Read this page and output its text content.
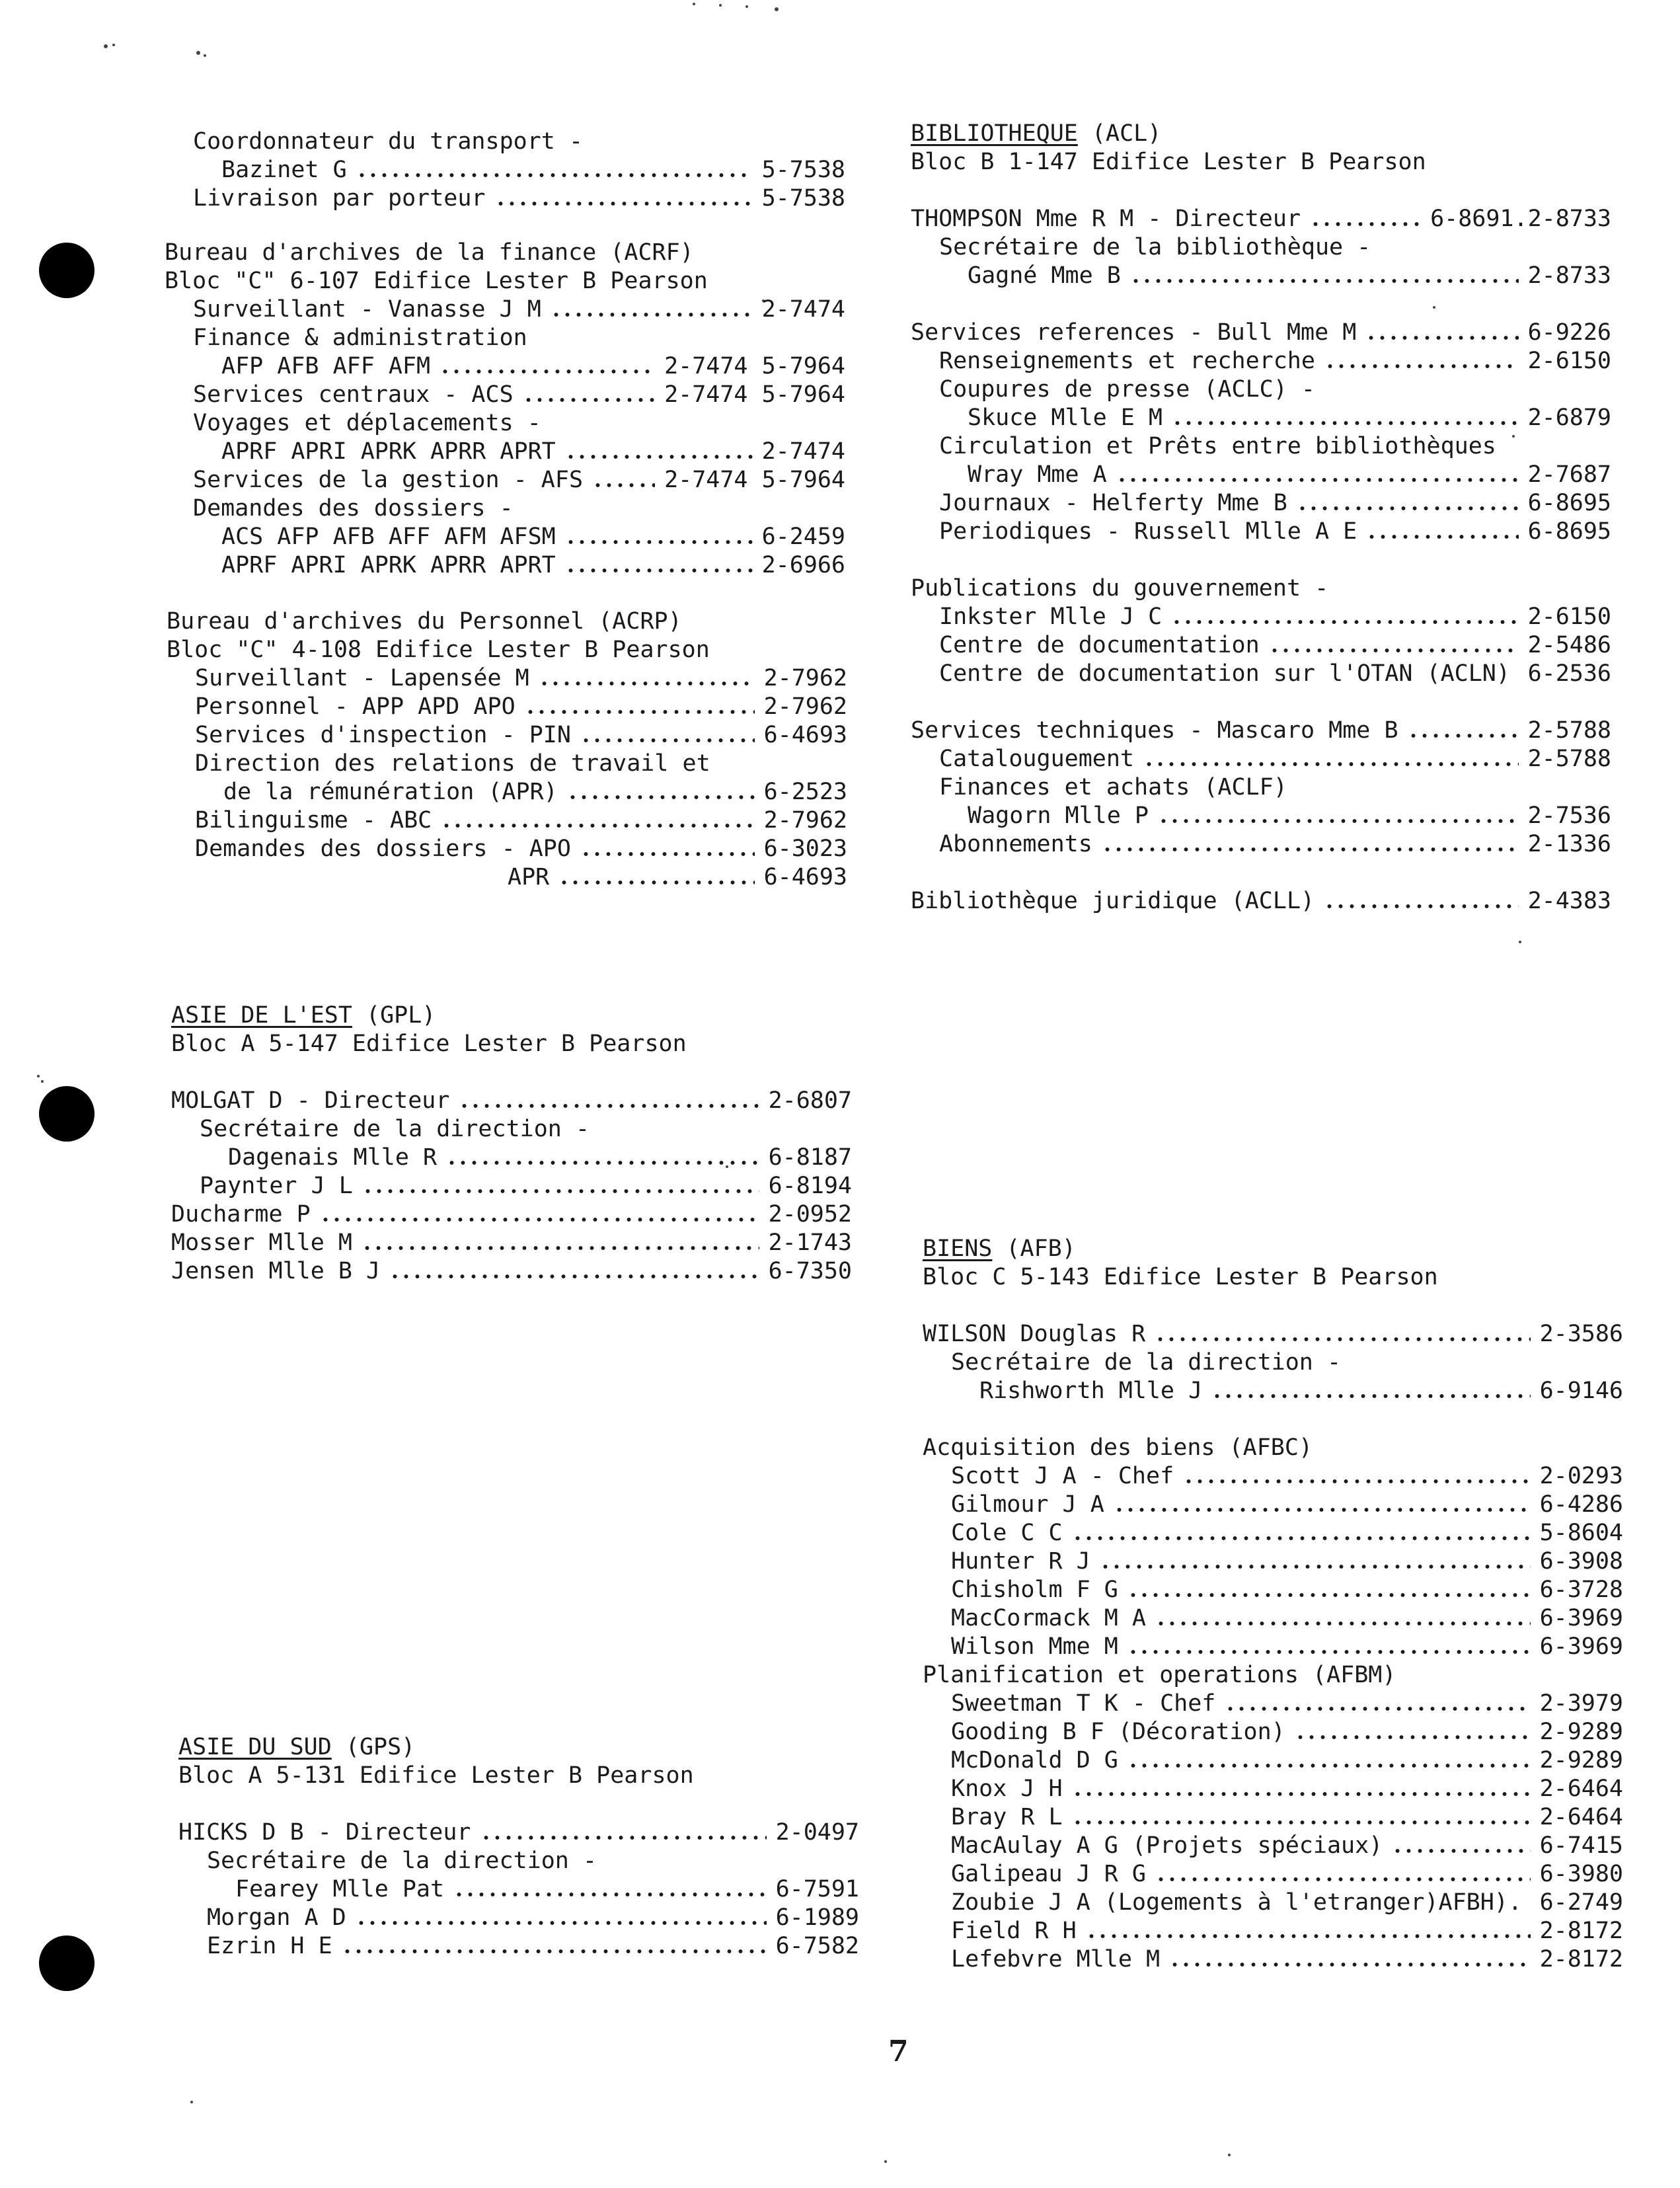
Coordonnateur du transport -
Bazinet G	5-7538
Livraison par porteur	5-7538
Bureau d'archives de la finance (ACRF)
Bloc "C" 6-107 Edifice Lester B Pearson
Surveillant - Vanasse J M	2-7474
Finance & administration
AFP AFB AFF AFM	2-7474 5-7964
Services centraux - ACS	2-7474 5-7964
Voyages et déplacements -
APRF APRI APRK APRR APRT	2-7474
Services de la gestion - AFS	2-7474 5-7964
Demandes des dossiers -
ACS AFP AFB AFF AFM AFSM	6-2459
APRF APRI APRK APRR APRT	2-6966
Bureau d'archives du Personnel (ACRP)
Bloc "C" 4-108 Edifice Lester B Pearson
Surveillant - Lapensée M	2-7962
Personnel - APP APD APO	2-7962
Services d'inspection - PIN	6-4693
Direction des relations de travail et
de la rémunération (APR)	6-2523
Bilinguisme - ABC	2-7962
Demandes des dossiers - APO	6-3023
APR	6-4693
ASIE DE L'EST (GPL)
Bloc A 5-147 Edifice Lester B Pearson
MOLGAT D - Directeur	2-6807
Secrétaire de la direction -
Dagenais Mlle R	6-8187
Paynter J L	6-8194
Ducharme P	2-0952
Mosser Mlle M	2-1743
Jensen Mlle B J	6-7350
ASIE DU SUD (GPS)
Bloc A 5-131 Edifice Lester B Pearson
HICKS D B - Directeur	2-0497
Secrétaire de la direction -
Fearey Mlle Pat	6-7591
Morgan A D	6-1989
Ezrin H E	6-7582
BIBLIOTHEQUE (ACL)
Bloc B 1-147 Edifice Lester B Pearson
THOMPSON Mme R M - Directeur	6-8691.2-8733
Secrétaire de la bibliothèque -
Gagné Mme B	2-8733
Services references - Bull Mme M	6-9226
Renseignements et recherche	2-6150
Coupures de presse (ACLC) -
Skuce Mlle E M	2-6879
Circulation et Prêts entre bibliothèques
Wray Mme A	2-7687
Journaux - Helferty Mme B	6-8695
Periodiques - Russell Mlle A E	6-8695
Publications du gouvernement -
Inkster Mlle J C	2-6150
Centre de documentation	2-5486
Centre de documentation sur l'OTAN (ACLN) 6-2536
Services techniques - Mascaro Mme B	2-5788
Catalouguement	2-5788
Finances et achats (ACLF)
Wagorn Mlle P	2-7536
Abonnements	2-1336
Bibliothèque juridique (ACLL)	2-4383
BIENS (AFB)
Bloc C 5-143 Edifice Lester B Pearson
WILSON Douglas R	2-3586
Secrétaire de la direction -
Rishworth Mlle J	6-9146
Acquisition des biens (AFBC)
Scott J A - Chef	2-0293
Gilmour J A	6-4286
Cole C C	5-8604
Hunter R J	6-3908
Chisholm F G	6-3728
MacCormack M A	6-3969
Wilson Mme M	6-3969
Planification et operations (AFBM)
Sweetman T K - Chef	2-3979
Gooding B F (Décoration)	2-9289
McDonald D G	2-9289
Knox J H	2-6464
Bray R L	2-6464
MacAulay A G (Projets spéciaux)	6-7415
Galipeau J R G	6-3980
Zoubie J A (Logements à l'etranger)AFBH). 6-2749
Field R H	2-8172
Lefebvre Mlle M	2-8172
7
